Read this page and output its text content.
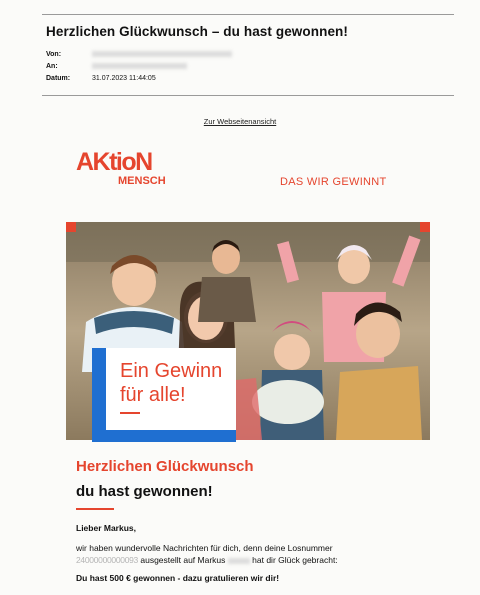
Herzlichen Glückwunsch – du hast gewonnen!
Von:
An:
Datum:	31.07.2023 11:44:05
Zur Webseitenansicht
AKtioN
MENSCH	DAS WIR GEWINNT
Ein Gewinn
für alle!
Herzlichen Glückwunsch
du hast gewonnen!
Lieber Markus,
wir haben wundervolle Nachrichten für dich, denn deine Losnummer
24000000000093 ausgestellt auf Markus	hat dir Glück gebracht:
Du hast 500 € gewonnen - dazu gratulieren wir dir!
